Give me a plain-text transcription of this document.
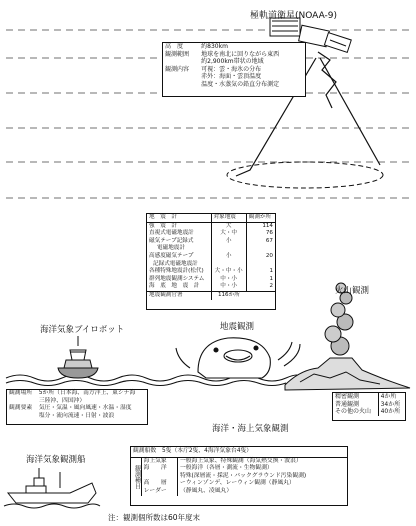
極軌道衛星(NOAA-9)
高　度	約830km
観測範囲	地球を南北に回りながら東西
	約2,900km帯状の地域
観測内容	可視：雲・海氷の分布
	赤外：海面・雲頂温度
	温度・水蒸気の鉛直分布測定
地　震　計	対象地震	観測か所
強　震　計	大	114
直視式電磁地震計	大・中	76
磁気テープ記録式	小	67
電磁地震計		
高感度磁気テープ	小	20
記録式電磁地震計		
各種特殊地震計(松代)	大・中・小	1
群列地震観測システム	中・小	1
海　底　地　震　計	中・小	2
地震観測官署	116か所		火山観測
海洋気象ブイロボット	地震観測
海洋・海上気象観測
海洋気象観測船
観測場所	5か所（日本海、南方洋上、東シナ海
	三陸沖、四国沖）
観測要素	気圧・気温・風向風速・水温・湿度
	塩分・流向流速・日射・波浪
精密観測	4か所
普通観測	34か所
その他の火山	40か所
観測船数　5隻（本庁2隻、4海洋気象台4隻）
観測種目
海上気象	一般海上気象、特殊観測（海気熱交換・波浪）
海　　洋	一般海洋（各層・測流・生物観測）
	特殊(深層流・採泥・バックグラウンド汚染観測)
高　　層	ーウィンゾンデ、レーウィン観測（静風丸）
レーダー	（静風丸、凌風丸）
注：観測個所数は60年度末
